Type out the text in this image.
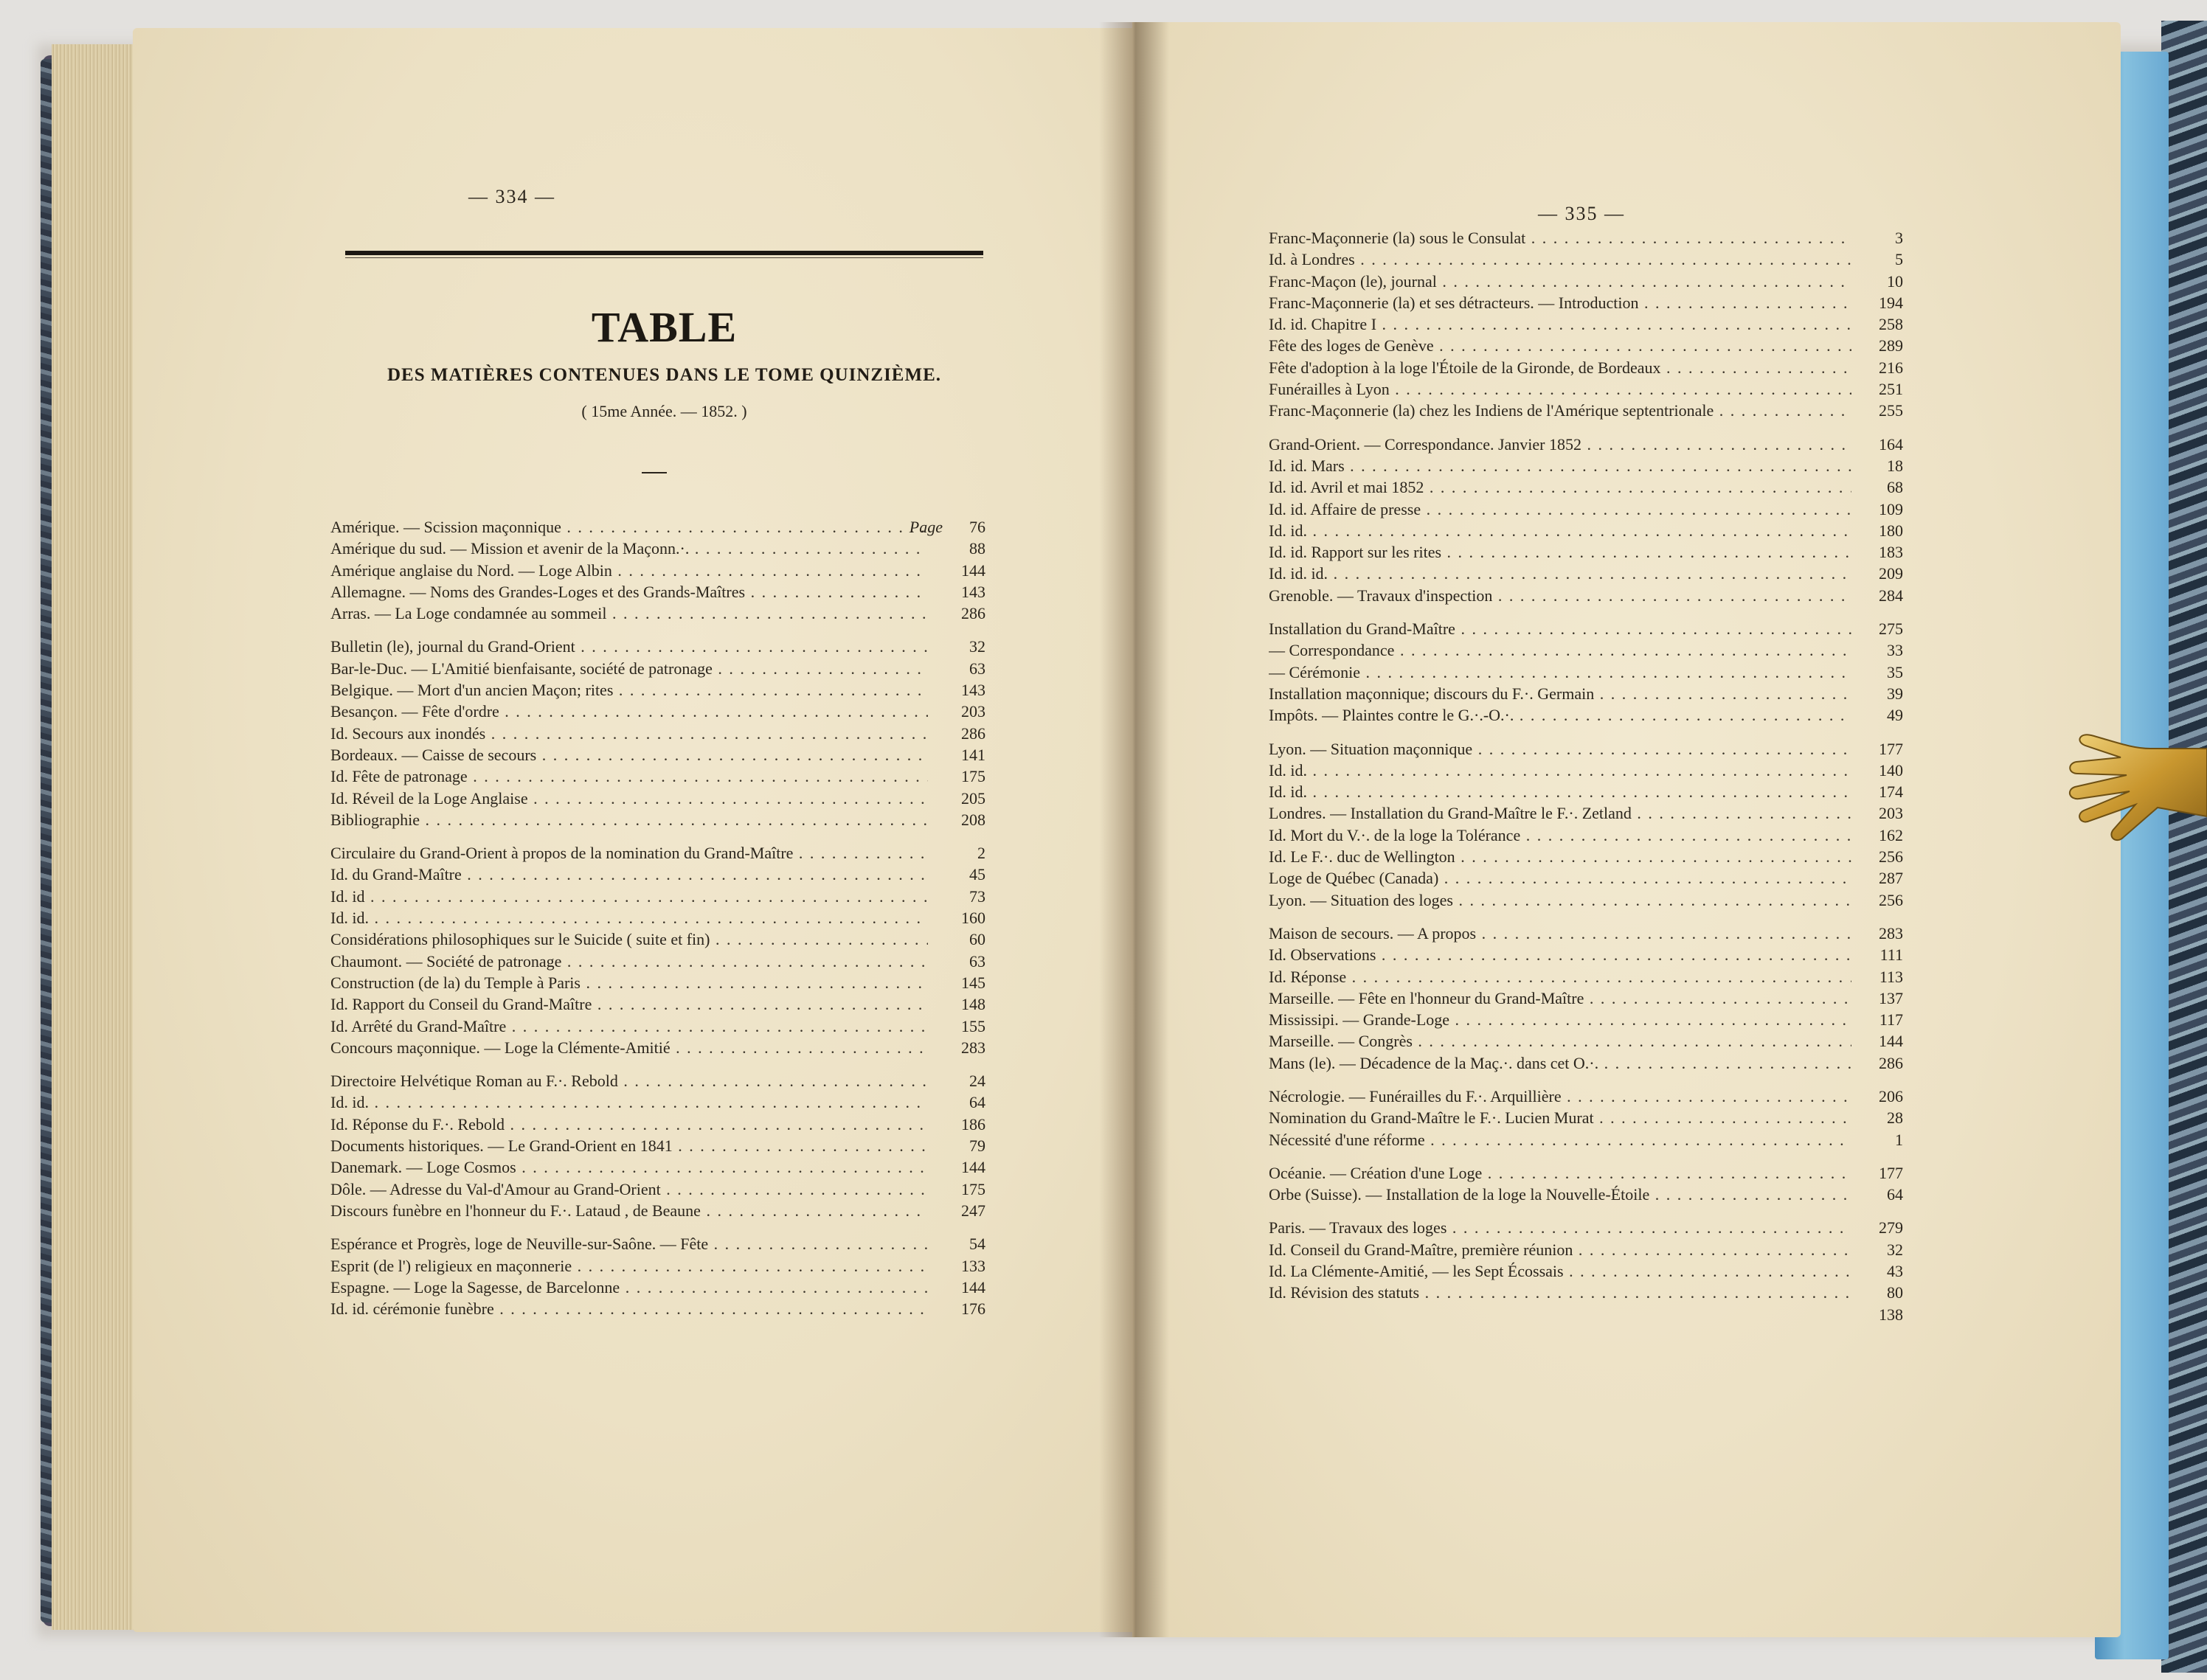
— 334 —
TABLE
DES MATIÈRES CONTENUES DANS LE TOME QUINZIÈME.
( 15me Année. — 1852. )
Amérique. — Scission maçonnique . . .	Page	76
Amérique du sud. — Mission et avenir de la Maçonn.·. . . .	88
Amérique anglaise du Nord. — Loge Albin . . .	144
Allemagne. — Noms des Grandes-Loges et des Grands-Maîtres . . .	143
Arras. — La Loge condamnée au sommeil . . .	286
Bulletin (le), journal du Grand-Orient . . .	32
Bar-le-Duc. — L'Amitié bienfaisante, société de patronage . . .	63
Belgique. — Mort d'un ancien Maçon; rites . . .	143
Besançon. — Fête d'ordre . . .	203
Id. Secours aux inondés . . .	286
Bordeaux. — Caisse de secours . . .	141
Id. Fête de patronage . . .	175
Id. Réveil de la Loge Anglaise . . .	205
Bibliographie . . .	208
Circulaire du Grand-Orient à propos de la nomination du Grand-Maître . . .	2
Id. du Grand-Maître . . .	45
Id. id . . .	73
Id. id. . . .	160
Considérations philosophiques sur le Suicide ( suite et fin) . . .	60
Chaumont. — Société de patronage . . .	63
Construction (de la) du Temple à Paris . . .	145
Id. Rapport du Conseil du Grand-Maître . . .	148
Id. Arrêté du Grand-Maître . . .	155
Concours maçonnique. — Loge la Clémente-Amitié . . .	283
Directoire Helvétique Roman au F.·. Rebold . . .	24
Id. id. . . .	64
Id. Réponse du F.·. Rebold . . .	186
Documents historiques. — Le Grand-Orient en 1841 . . .	79
Danemark. — Loge Cosmos . . .	144
Dôle. — Adresse du Val-d'Amour au Grand-Orient . . .	175
Discours funèbre en l'honneur du F.·. Lataud , de Beaune . . .	247
Espérance et Progrès, loge de Neuville-sur-Saône. — Fête . . .	54
Esprit (de l') religieux en maçonnerie . . .	133
Espagne. — Loge la Sagesse, de Barcelonne . . .	144
Id. id. cérémonie funèbre . . .	176
— 335 —
Franc-Maçonnerie (la) sous le Consulat . . .	3
Id. à Londres . . .	5
Franc-Maçon (le), journal . . .	10
Franc-Maçonnerie (la) et ses détracteurs. — Introduction . . .	194
Id. id. Chapitre I . . .	258
Fête des loges de Genève . . .	289
Fête d'adoption à la loge l'Étoile de la Gironde, de Bordeaux . . .	216
Funérailles à Lyon . . .	251
Franc-Maçonnerie (la) chez les Indiens de l'Amérique septentrionale . . .	255
Grand-Orient. — Correspondance. Janvier 1852 . . .	164
Id. id. Mars . . .	18
Id. id. Avril et mai 1852 . . .	68
Id. id. Affaire de presse . . .	109
Id. id. . . .	180
Id. id. Rapport sur les rites . . .	183
Id. id. id. . . .	209
Grenoble. — Travaux d'inspection . . .	284
Installation du Grand-Maître . . .	275
— Correspondance . . .	33
— Cérémonie . . .	35
Installation maçonnique; discours du F.·. Germain . . .	39
Impôts. — Plaintes contre le G.·.-O.·. . . .	49
Lyon. — Situation maçonnique . . .	177
Id. id. . . .	140
Id. id. . . .	174
Londres. — Installation du Grand-Maître le F.·. Zetland . . .	203
Id. Mort du V.·. de la loge la Tolérance . . .	162
Id. Le F.·. duc de Wellington . . .	256
Loge de Québec (Canada) . . .	287
Lyon. — Situation des loges . . .	256
Maison de secours. — A propos . . .	283
Id. Observations . . .	111
Id. Réponse . . .	113
Marseille. — Fête en l'honneur du Grand-Maître . . .	137
Mississipi. — Grande-Loge . . .	117
Marseille. — Congrès . . .	144
Mans (le). — Décadence de la Maç.·. dans cet O.·. . . .	286
Nécrologie. — Funérailles du F.·. Arquillière . . .	206
Nomination du Grand-Maître le F.·. Lucien Murat . . .	28
Nécessité d'une réforme . . .	1
Océanie. — Création d'une Loge . . .	177
Orbe (Suisse). — Installation de la loge la Nouvelle-Étoile . . .	64
Paris. — Travaux des loges . . .	279
Id. Conseil du Grand-Maître, première réunion . . .	32
Id. La Clémente-Amitié, — les Sept Écossais . . .	43
Id. Révision des statuts . . .	80
138
